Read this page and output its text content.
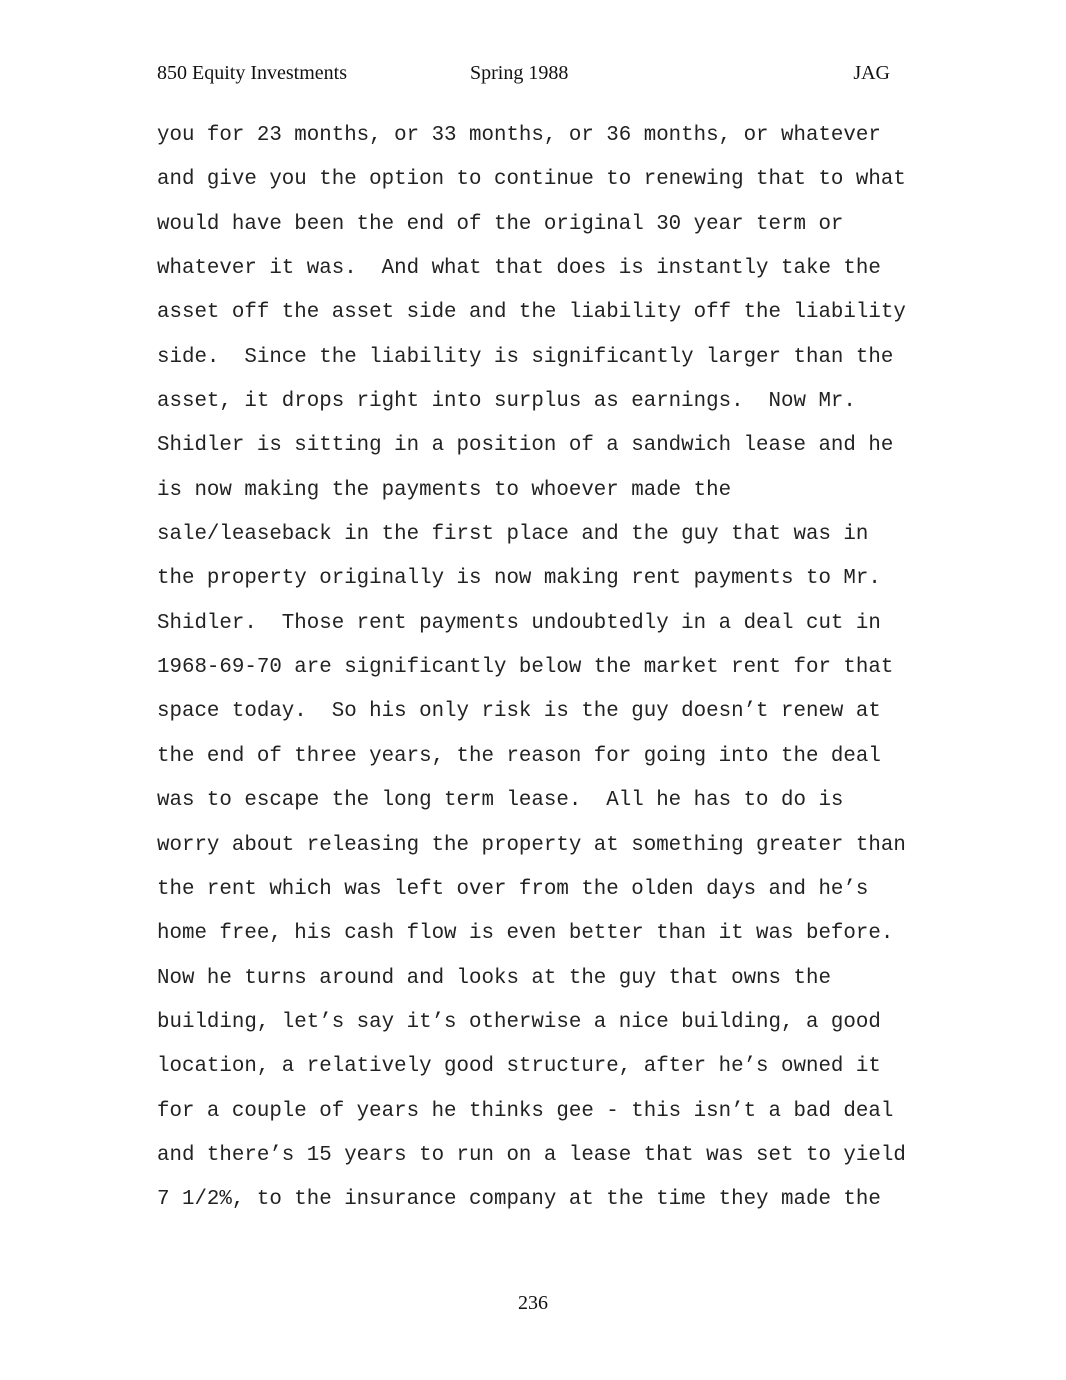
850 Equity Investments	Spring 1988	JAG
you for 23 months, or 33 months, or 36 months, or whatever
and give you the option to continue to renewing that to what
would have been the end of the original 30 year term or
whatever it was.  And what that does is instantly take the
asset off the asset side and the liability off the liability
side.  Since the liability is significantly larger than the
asset, it drops right into surplus as earnings.  Now Mr.
Shidler is sitting in a position of a sandwich lease and he
is now making the payments to whoever made the
sale/leaseback in the first place and the guy that was in
the property originally is now making rent payments to Mr.
Shidler.  Those rent payments undoubtedly in a deal cut in
1968-69-70 are significantly below the market rent for that
space today.  So his only risk is the guy doesn’t renew at
the end of three years, the reason for going into the deal
was to escape the long term lease.  All he has to do is
worry about releasing the property at something greater than
the rent which was left over from the olden days and he’s
home free, his cash flow is even better than it was before.
Now he turns around and looks at the guy that owns the
building, let’s say it’s otherwise a nice building, a good
location, a relatively good structure, after he’s owned it
for a couple of years he thinks gee - this isn’t a bad deal
and there’s 15 years to run on a lease that was set to yield
7 1/2%, to the insurance company at the time they made the
236
